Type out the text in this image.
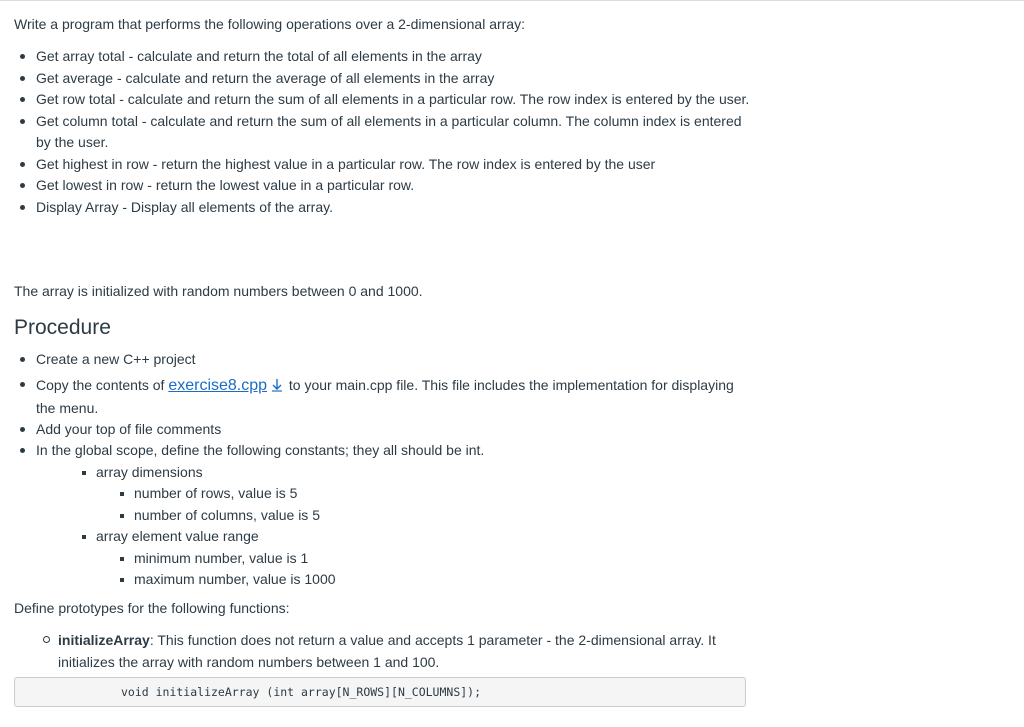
Write a program that performs the following operations over a 2-dimensional array:

Get array total - calculate and return the total of all elements in the array
Get average - calculate and return the average of all elements in the array
Get row total - calculate and return the sum of all elements in a particular row. The row index is entered by the user.
Get column total - calculate and return the sum of all elements in a particular column. The column index is entered by the user.
Get highest in row - return the highest value in a particular row. The row index is entered by the user
Get lowest in row - return the lowest value in a particular row.
Display Array - Display all elements of the array.

The array is initialized with random numbers between 0 and 1000.

Procedure
Create a new C++ project
Copy the contents of exercise8.cpp to your main.cpp file. This file includes the implementation for displaying the menu.
Add your top of file comments
In the global scope, define the following constants; they all should be int.
array dimensions
number of rows, value is 5
number of columns, value is 5
array element value range
minimum number, value is 1
maximum number, value is 1000

Define prototypes for the following functions:

initializeArray: This function does not return a value and accepts 1 parameter - the 2-dimensional array. It initializes the array with random numbers between 1 and 100.
void initializeArray (int array[N_ROWS][N_COLUMNS]);
